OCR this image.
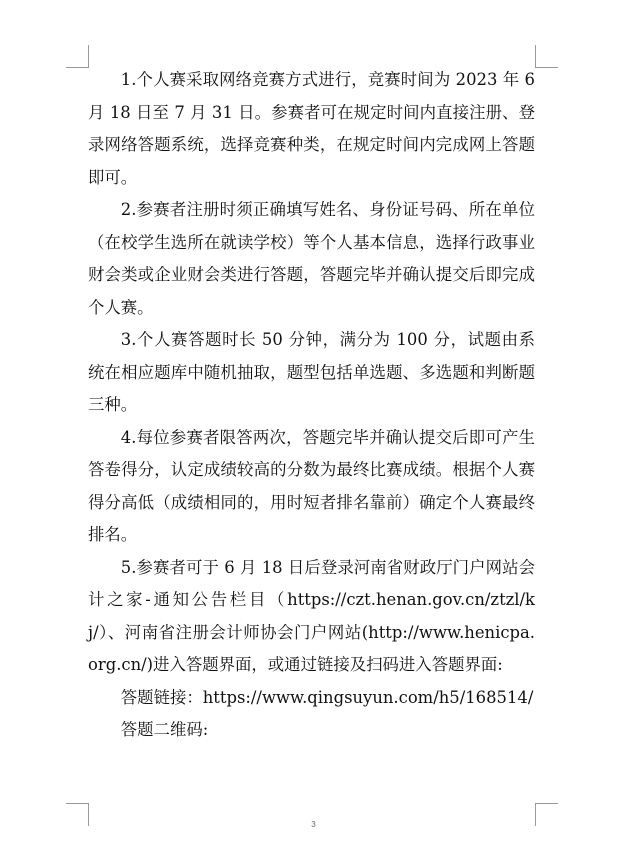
1.个人赛采取网络竞赛方式进行，竞赛时间为 2023 年 6 月 18 日至 7 月 31 日。参赛者可在规定时间内直接注册、登录网络答题系统，选择竞赛种类，在规定时间内完成网上答题即可。

2.参赛者注册时须正确填写姓名、身份证号码、所在单位（在校学生选所在就读学校）等个人基本信息，选择行政事业财会类或企业财会类进行答题，答题完毕并确认提交后即完成个人赛。

3.个人赛答题时长 50 分钟，满分为 100 分，试题由系统在相应题库中随机抽取，题型包括单选题、多选题和判断题三种。

4.每位参赛者限答两次，答题完毕并确认提交后即可产生答卷得分，认定成绩较高的分数为最终比赛成绩。根据个人赛得分高低（成绩相同的，用时短者排名靠前）确定个人赛最终排名。

5.参赛者可于 6 月 18 日后登录河南省财政厅门户网站会计之家-通知公告栏目（https://czt.henan.gov.cn/ztzl/kj/）、河南省注册会计师协会门户网站(http://www.henicpa.org.cn/)进入答题界面，或通过链接及扫码进入答题界面:

答题链接：https://www.qingsuyun.com/h5/168514/

答题二维码:

3
